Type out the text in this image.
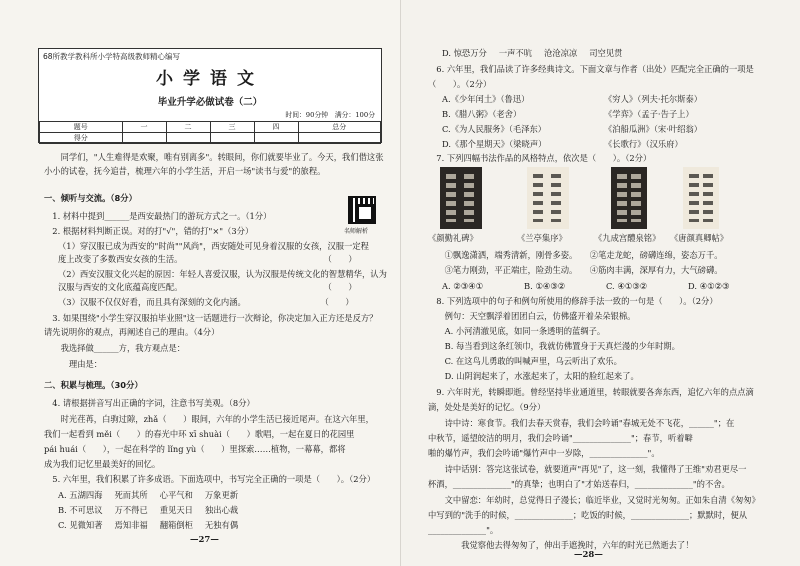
68所教学教科所小学特高级教师精心编写
小学语文
毕业升学必做试卷（二）
时间：90分钟　满分：100分
题号	一	二	三	四	总分
得分					
　　同学们，"人生难得是欢聚，唯有别离多"。转眼间，你们就要毕业了。今天，我们借这张
小小的试卷，抚今追昔，梳理六年的小学生活，开启一场"读书与爱"的旅程。
一、倾听与交流。（8分）
　1. 材料中提到______是西安最热门的游玩方式之一。（1分）
　2. 根据材料判断正误。对的打"√"，错的打"×"（3分）
（1）穿汉服已成为西安的"时尚""风尚"，西安随处可见身着汉服的女孩，汉服一定程
度上改变了多数西安女孩的生活。　　　　　　　　　　　　　　　　　　（　　）
（2）西安汉服文化兴起的原因：年轻人喜爱汉服，认为汉服是传统文化的智慧精华，认为
汉服与西安的文化底蕴高度匹配。　　　　　　　　　　　　　　　　　　（　　）
（3）汉服不仅仅好看，而且具有深刻的文化内涵。　　　　　　　　　　（　　）
　3. 如果围绕"小学生穿汉服拍毕业照"这一话题进行一次辩论，你决定加入正方还是反方？
请先说明你的观点，再阐述自己的理由。（4分）
　　我选择做______方，我方观点是：
　　　理由是：
名师解析
二、积累与梳理。（30分）
　4. 请根据拼音写出正确的字词，注意书写美观。（8分）
　　时光荏苒，白驹过隙，zhǎ（　　）眼间，六年的小学生活已接近尾声。在这六年里，
我们一起看到 měi（　　）的春光中环 xī shuài（　　）歌唱，一起在夏日的花园里
pái huái（　　），一起在科学的 lǐng yù（　　）里探索……植物，一幕幕，都将
成为我们记忆里最美好的回忆。
　5. 六年里，我们积累了许多成语。下面选项中，书写完全正确的一项是（　　）。（2分）
A. 五湖四海 死而其所 心平气和 万象更新
B. 不可思议 万不得已 重见天日 独出心裁
C. 见微知著 焉知非福 翻箱倒柜 无独有偶
—27—
D. 惊恐万分 一声不吭 沧沧凉凉 司空见贯
　6. 六年里，我们品读了许多经典诗文。下面文章与作者（出处）匹配完全正确的一项是
（　　）。（2分）
A.《少年闰土》（鲁迅）	《穷人》（列夫·托尔斯泰）
B.《腊八粥》（老舍）	《学弈》（孟子·告子上）
C.《为人民服务》（毛泽东）	《泊船瓜洲》（宋·叶绍翁）
D.《那个星期天》（梁晓声）	《长歌行》（汉乐府）
　7. 下列四幅书法作品的风格特点，依次是（　　）。（2分）
《颜勤礼碑》	《兰亭集序》	《九成宫醴泉铭》 《唐颜真卿帖》
　　①飘逸潇洒，端秀清新，刚骨多姿。　　②笔走龙蛇，磅礴连绵，姿态万千。
　　③笔力刚劲，平正端庄，险劲生动。　　④筋肉丰满，深厚有力，大气磅礴。
A. ②③④①	B. ①④③②	C. ④①③②	D. ④①②③
　8. 下列选项中的句子和例句所使用的修辞手法一致的一句是（　　）。（2分）
　　例句：天空飘浮着团团白云，仿佛盛开着朵朵银棉。
　　A. 小河清澈见底，如同一条透明的蓝绸子。
　　B. 每当看到这条红领巾，我就仿佛置身于天真烂漫的少年时期。
　　C. 在这鸟儿勇敢的叫喊声里，乌云听出了欢乐。
　　D. 山阴润起来了，水涨起来了，太阳的脸红起来了。
　9. 六年时光，转瞬即逝。曾经坚持毕业通道里，转眼就要各奔东西，追忆六年的点点滴
滴，处处是美好的记忆。（9分）
　　诗中诗：寒食节。我们去春天赏春，我们会吟诵"春城无处不飞花，______"；在
中秋节，遥望皎洁的明月，我们会吟诵"______________"；春节，听着噼
啪的爆竹声，我们会吟诵"爆竹声中一岁除，______________"。
　　诗中话别：答完这张试卷，就要道声"再见"了，这一刻，我懂得了王维"劝君更尽一
杯酒，______________"的真挚；也明白了"才始送春归，______________"的不舍。
　　文中留恋：年幼时，总觉得日子漫长；临近毕业，又觉时光匆匆。正如朱自清《匆匆》
中写到的"洗手的时候，______________；吃饭的时候，______________；默默时，便从
______________"。
　　　　我觉察他去得匆匆了，伸出手遮挽时，六年的时光已然逝去了！
—28—
